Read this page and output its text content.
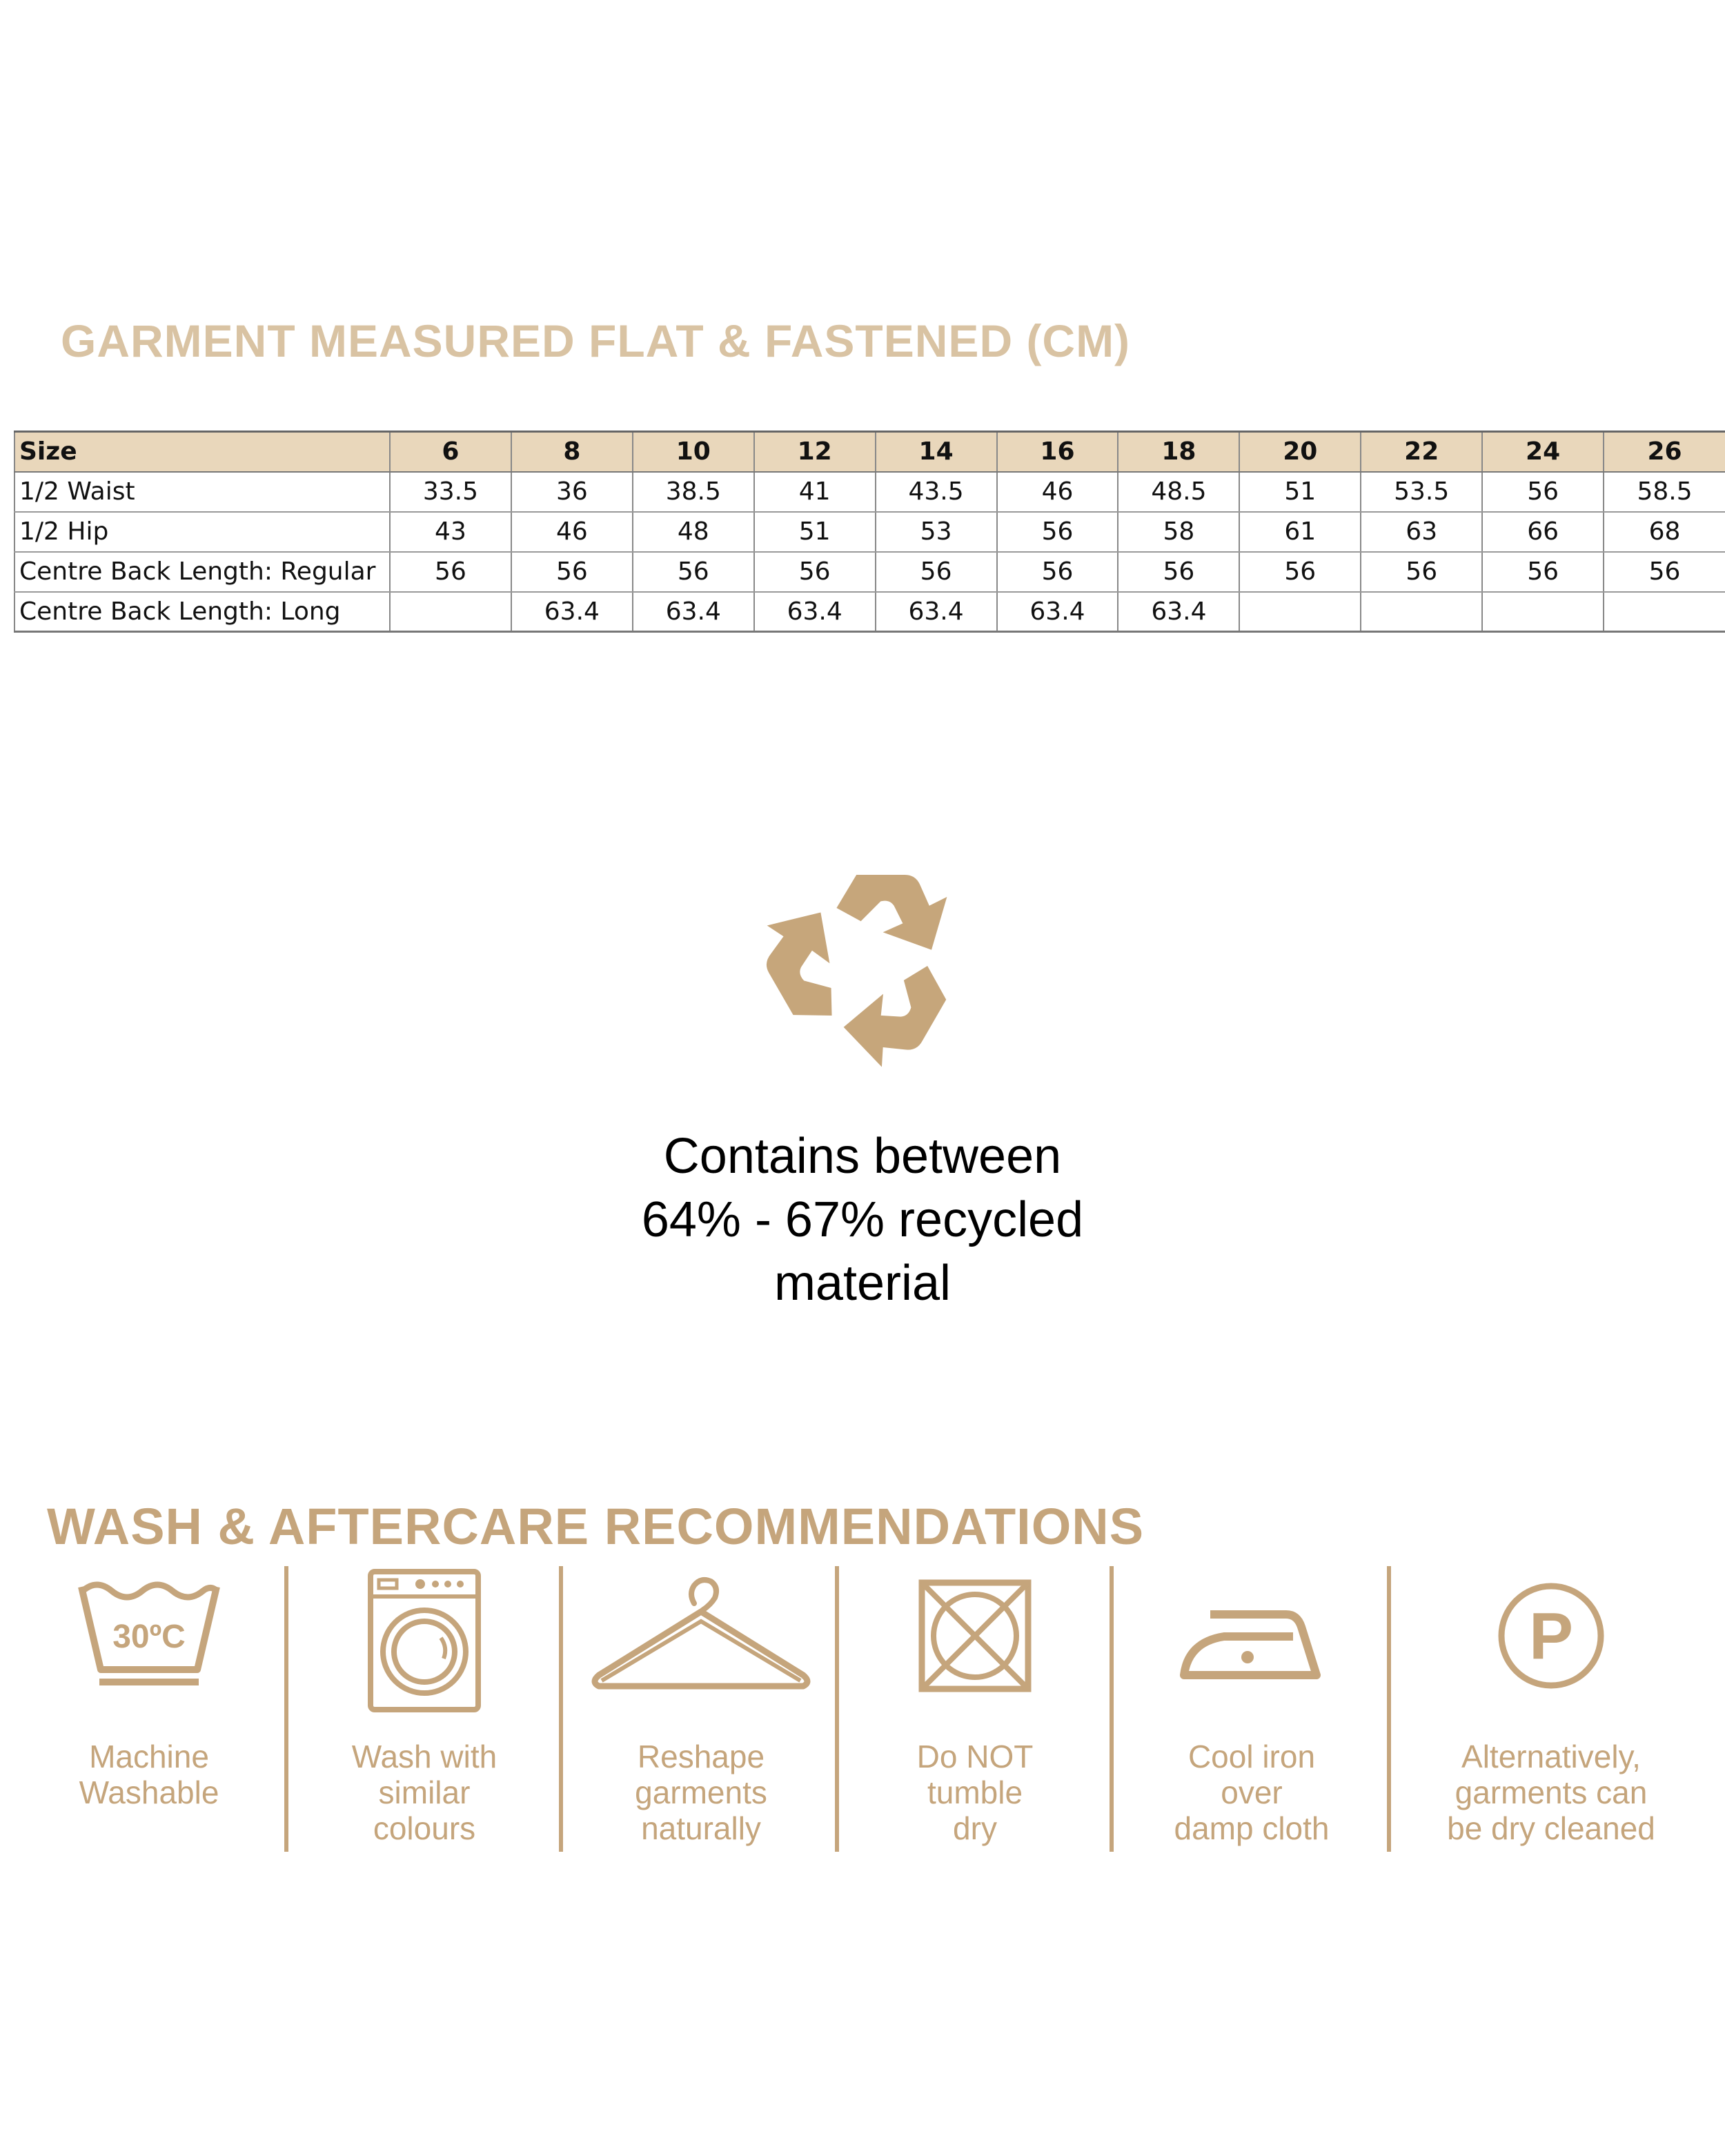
GARMENT MEASURED FLAT & FASTENED (CM)
Size	6	8	10	12	14	16	18	20	22	24	26
1/2 Waist	33.5	36	38.5	41	43.5	46	48.5	51	53.5	56	58.5
1/2 Hip	43	46	48	51	53	56	58	61	63	66	68
Centre Back Length: Regular	56	56	56	56	56	56	56	56	56	56	56
Centre Back Length: Long		63.4	63.4	63.4	63.4	63.4	63.4				
Contains between
64% - 67% recycled
material
WASH & AFTERCARE RECOMMENDATIONS
30ºC
Machine
Washable
Wash with
similar
colours
Reshape
garments
naturally
Do NOT
tumble
dry
Cool iron
over
damp cloth
P
Alternatively,
garments can
be dry cleaned
